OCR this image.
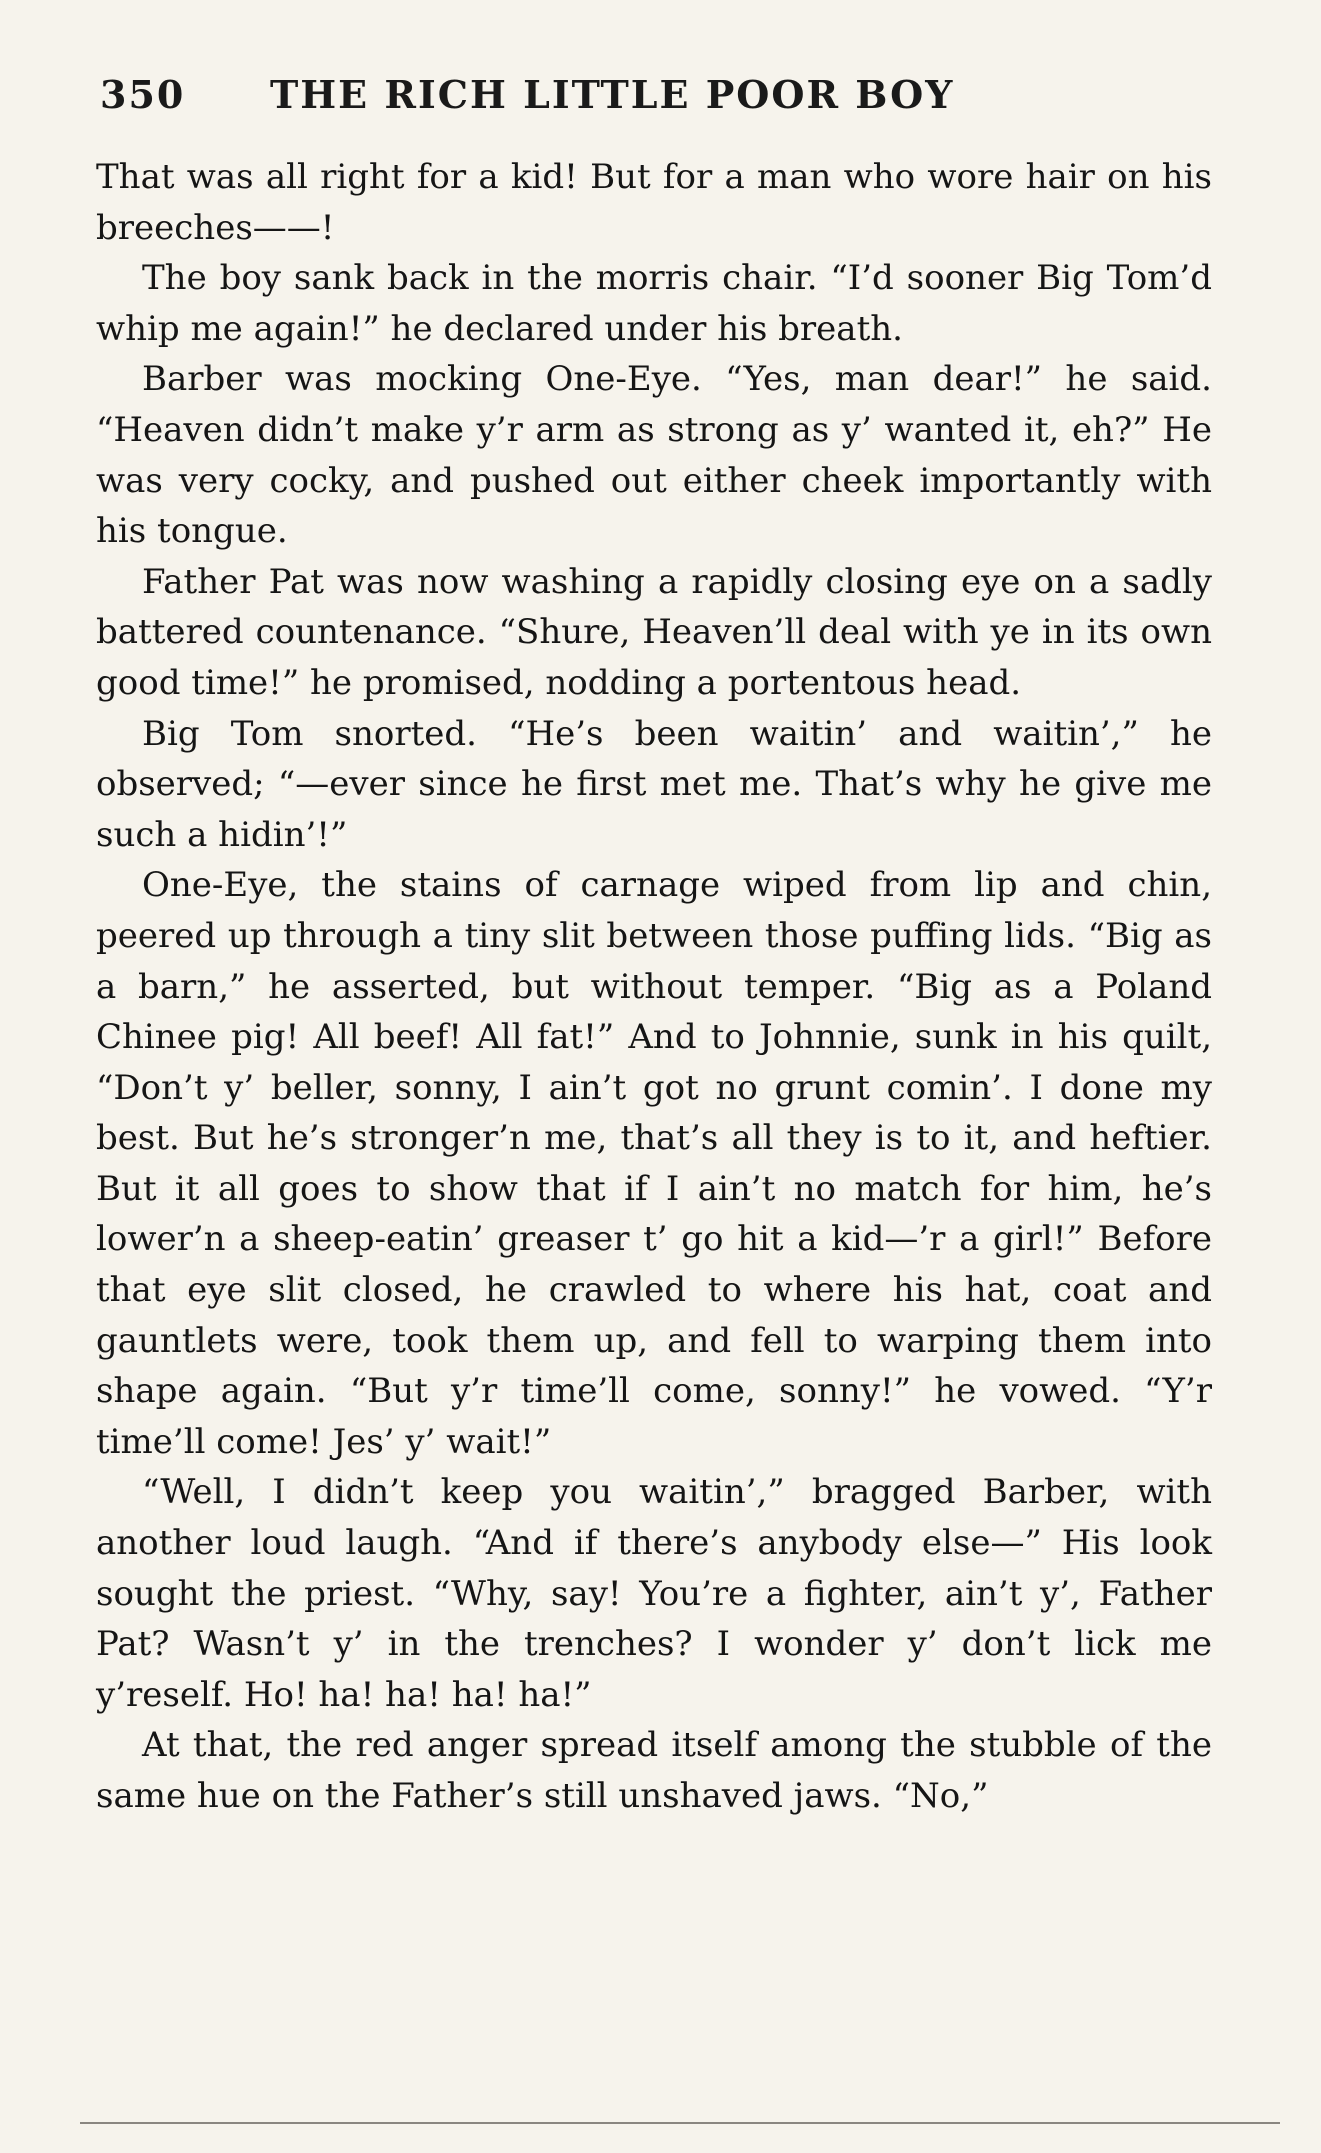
350 THE RICH LITTLE POOR BOY

That was all right for a kid! But for a man who wore hair on his breeches——!

The boy sank back in the morris chair. “I’d sooner Big Tom’d whip me again!” he declared under his breath.

Barber was mocking One-Eye. “Yes, man dear!” he said. “Heaven didn’t make y’r arm as strong as y’ wanted it, eh?” He was very cocky, and pushed out either cheek importantly with his tongue.

Father Pat was now washing a rapidly closing eye on a sadly battered countenance. “Shure, Heaven’ll deal with ye in its own good time!” he promised, nodding a portentous head.

Big Tom snorted. “He’s been waitin’ and waitin’,” he observed; “—ever since he first met me. That’s why he give me such a hidin’!”

One-Eye, the stains of carnage wiped from lip and chin, peered up through a tiny slit between those puffing lids. “Big as a barn,” he asserted, but without temper. “Big as a Poland Chinee pig! All beef! All fat!” And to Johnnie, sunk in his quilt, “Don’t y’ beller, sonny, I ain’t got no grunt comin’. I done my best. But he’s stronger’n me, that’s all they is to it, and heftier. But it all goes to show that if I ain’t no match for him, he’s lower’n a sheep-eatin’ greaser t’ go hit a kid—’r a girl!” Before that eye slit closed, he crawled to where his hat, coat and gauntlets were, took them up, and fell to warping them into shape again. “But y’r time’ll come, sonny!” he vowed. “Y’r time’ll come! Jes’ y’ wait!”

“Well, I didn’t keep you waitin’,” bragged Barber, with another loud laugh. “And if there’s anybody else—” His look sought the priest. “Why, say! You’re a fighter, ain’t y’, Father Pat? Wasn’t y’ in the trenches? I wonder y’ don’t lick me y’reself. Ho! ha! ha! ha! ha!”

At that, the red anger spread itself among the stubble of the same hue on the Father’s still unshaved jaws. “No,”
